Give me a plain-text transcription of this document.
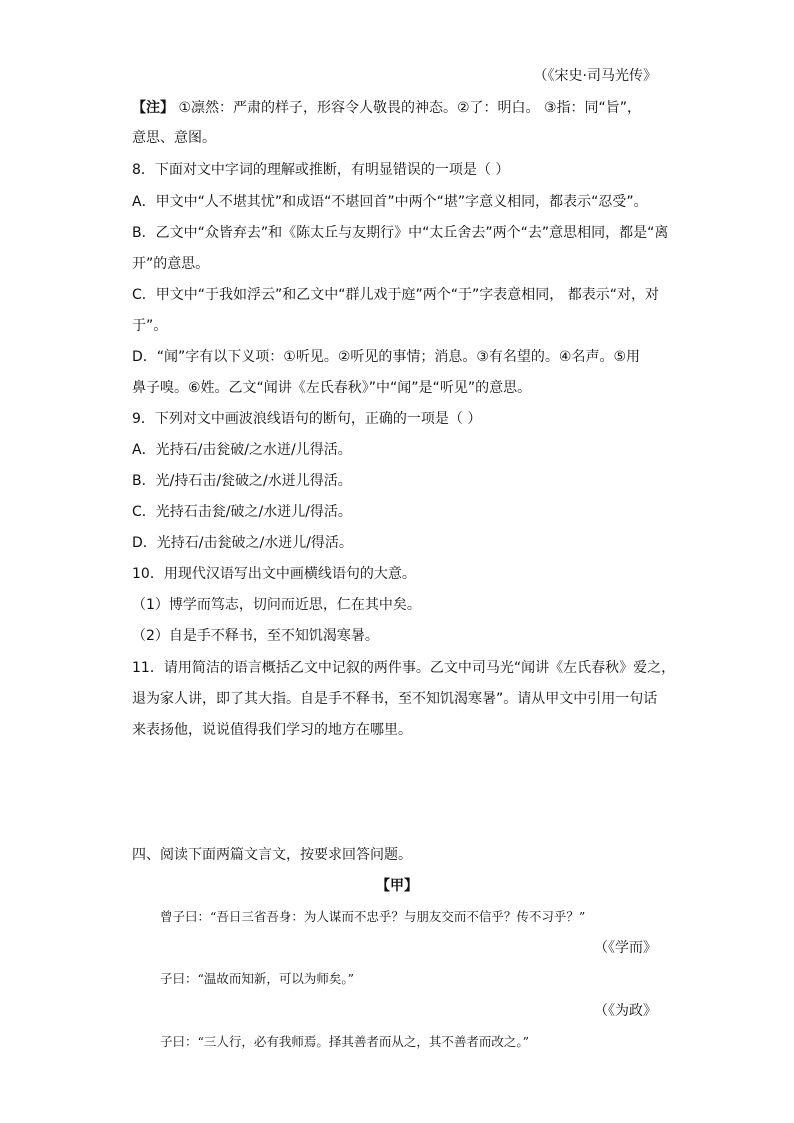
（《宋史·司马光传》
【注】 ①凛然：严肃的样子，形容令人敬畏的神态。②了：明白。 ③指：同“旨”，
意思、意图。
8．下面对文中字词的理解或推断，有明显错误的一项是（ ）
A．甲文中“人不堪其忧”和成语“不堪回首”中两个“堪”字意义相同，都表示“忍受”。
B．乙文中“众皆弃去”和《陈太丘与友期行》中“太丘舍去”两个“去”意思相同，都是“离
开”的意思。
C．甲文中“于我如浮云”和乙文中“群儿戏于庭”两个“于”字表意相同， 都表示“对，对
于”。
D．“闻”字有以下义项：①听见。②听见的事情；消息。③有名望的。④名声。⑤用
鼻子嗅。⑥姓。乙文“闻讲《左氏春秋》”中“闻”是“听见”的意思。
9．下列对文中画波浪线语句的断句，正确的一项是（ ）
A．光持石/击瓮破/之水迸/儿得活。
B．光/持石击/瓮破之/水迸儿得活。
C．光持石击瓮/破之/水迸儿/得活。
D．光持石/击瓮破之/水迸儿/得活。
10．用现代汉语写出文中画横线语句的大意。
（1）博学而笃志，切问而近思，仁在其中矣。
（2）自是手不释书，至不知饥渴寒暑。
11．请用简洁的语言概括乙文中记叙的两件事。乙文中司马光“闻讲《左氏春秋》爱之，
退为家人讲，即了其大指。自是手不释书，至不知饥渴寒暑”。请从甲文中引用一句话
来表扬他，说说值得我们学习的地方在哪里。
四、阅读下面两篇文言文，按要求回答问题。
【甲】
曾子曰：“吾日三省吾身：为人谋而不忠乎？与朋友交而不信乎？传不习乎？”
（《学而》
子曰：“温故而知新，可以为师矣。”
（《为政》
子曰：“三人行，必有我师焉。择其善者而从之，其不善者而改之。”
